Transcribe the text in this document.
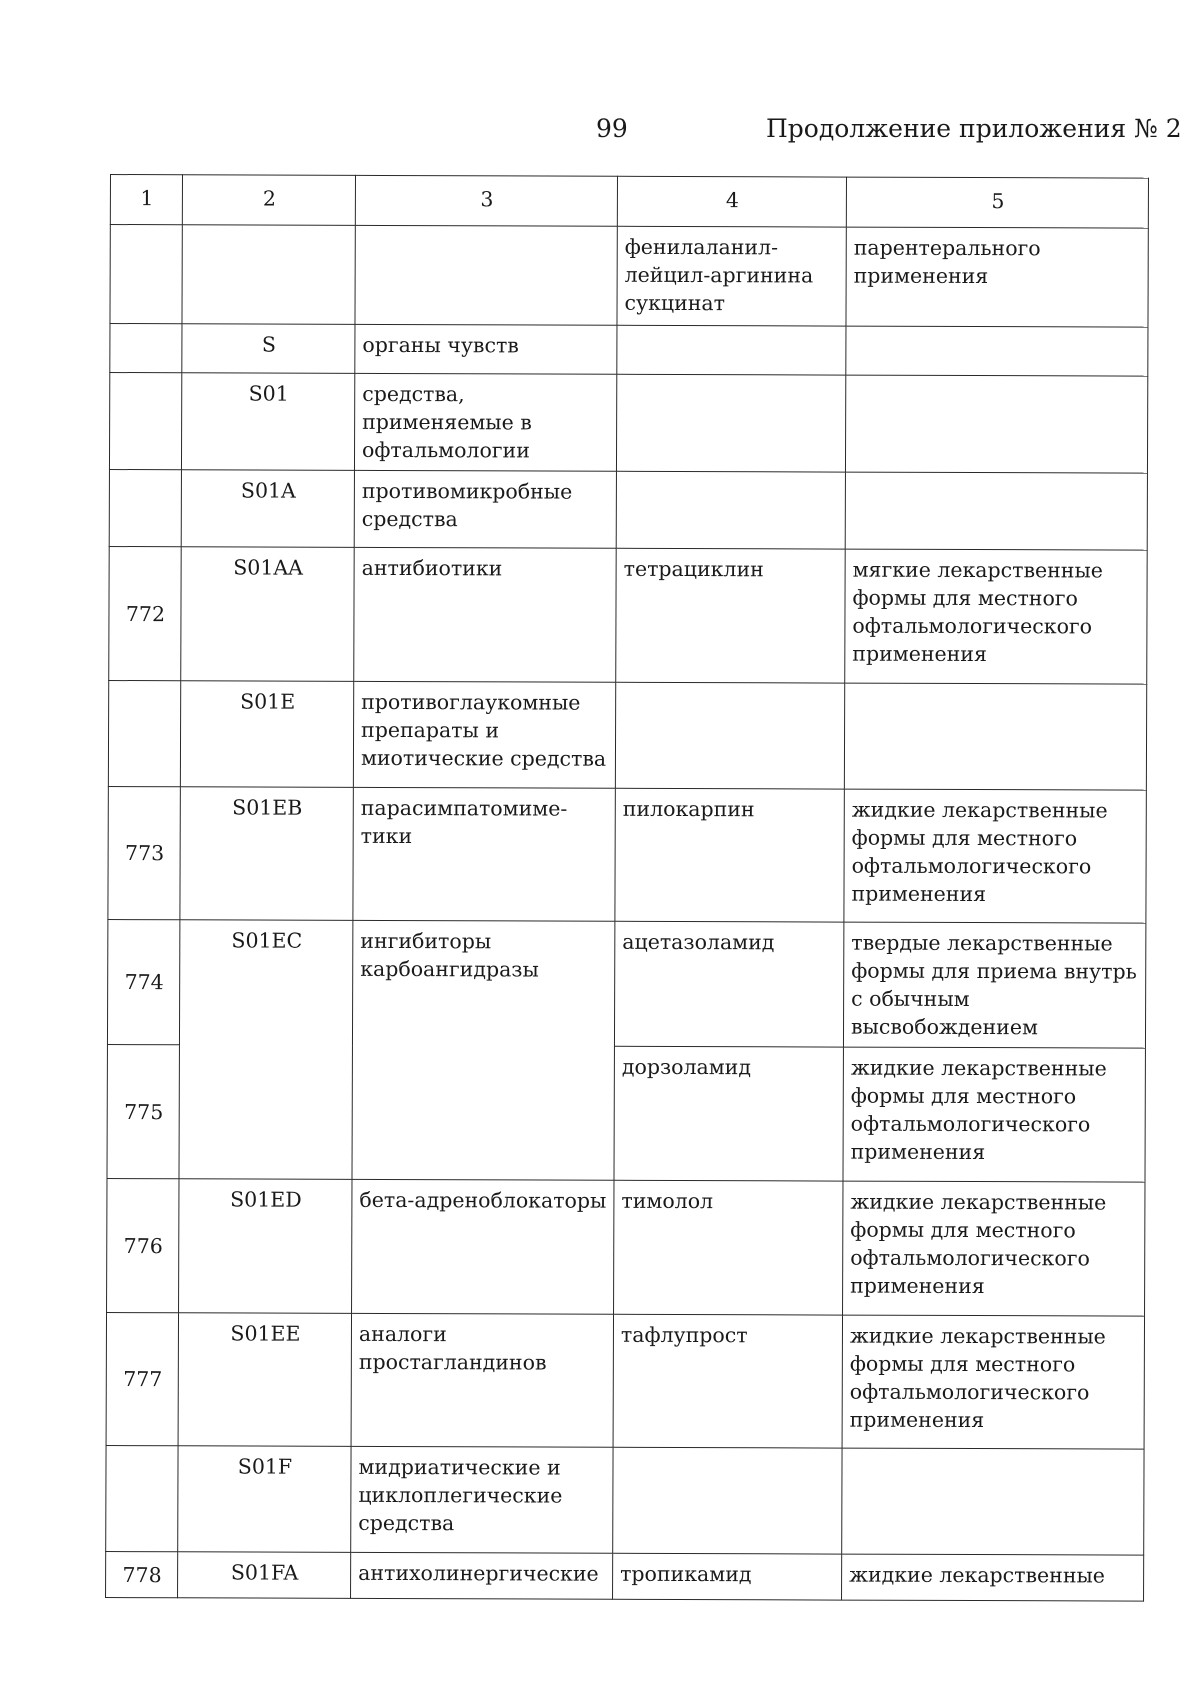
99	Продолжение приложения № 2
1	2	3	4	5
			фенилаланил-лейцил-аргинина сукцинат	парентерального применения
	S	органы чувств		
	S01	средства, применяемые в офтальмологии		
	S01A	противомикробные средства		
772	S01AA	антибиотики	тетрациклин	мягкие лекарственные формы для местного офтальмологического применения
	S01E	противоглаукомные препараты и миотические средства		
773	S01EB	парасимпатомиме-тики	пилокарпин	жидкие лекарственные формы для местного офтальмологического применения
774	S01EC	ингибиторы карбоангидразы	ацетазоламид	твердые лекарственные формы для приема внутрь с обычным высвобождением
775			дорзоламид	жидкие лекарственные формы для местного офтальмологического применения
776	S01ED	бета-адреноблокаторы	тимолол	жидкие лекарственные формы для местного офтальмологического применения
777	S01EE	аналоги простагландинов	тафлупрост	жидкие лекарственные формы для местного офтальмологического применения
	S01F	мидриатические и циклоплегические средства		
778	S01FA	антихолинергические	тропикамид	жидкие лекарственные
